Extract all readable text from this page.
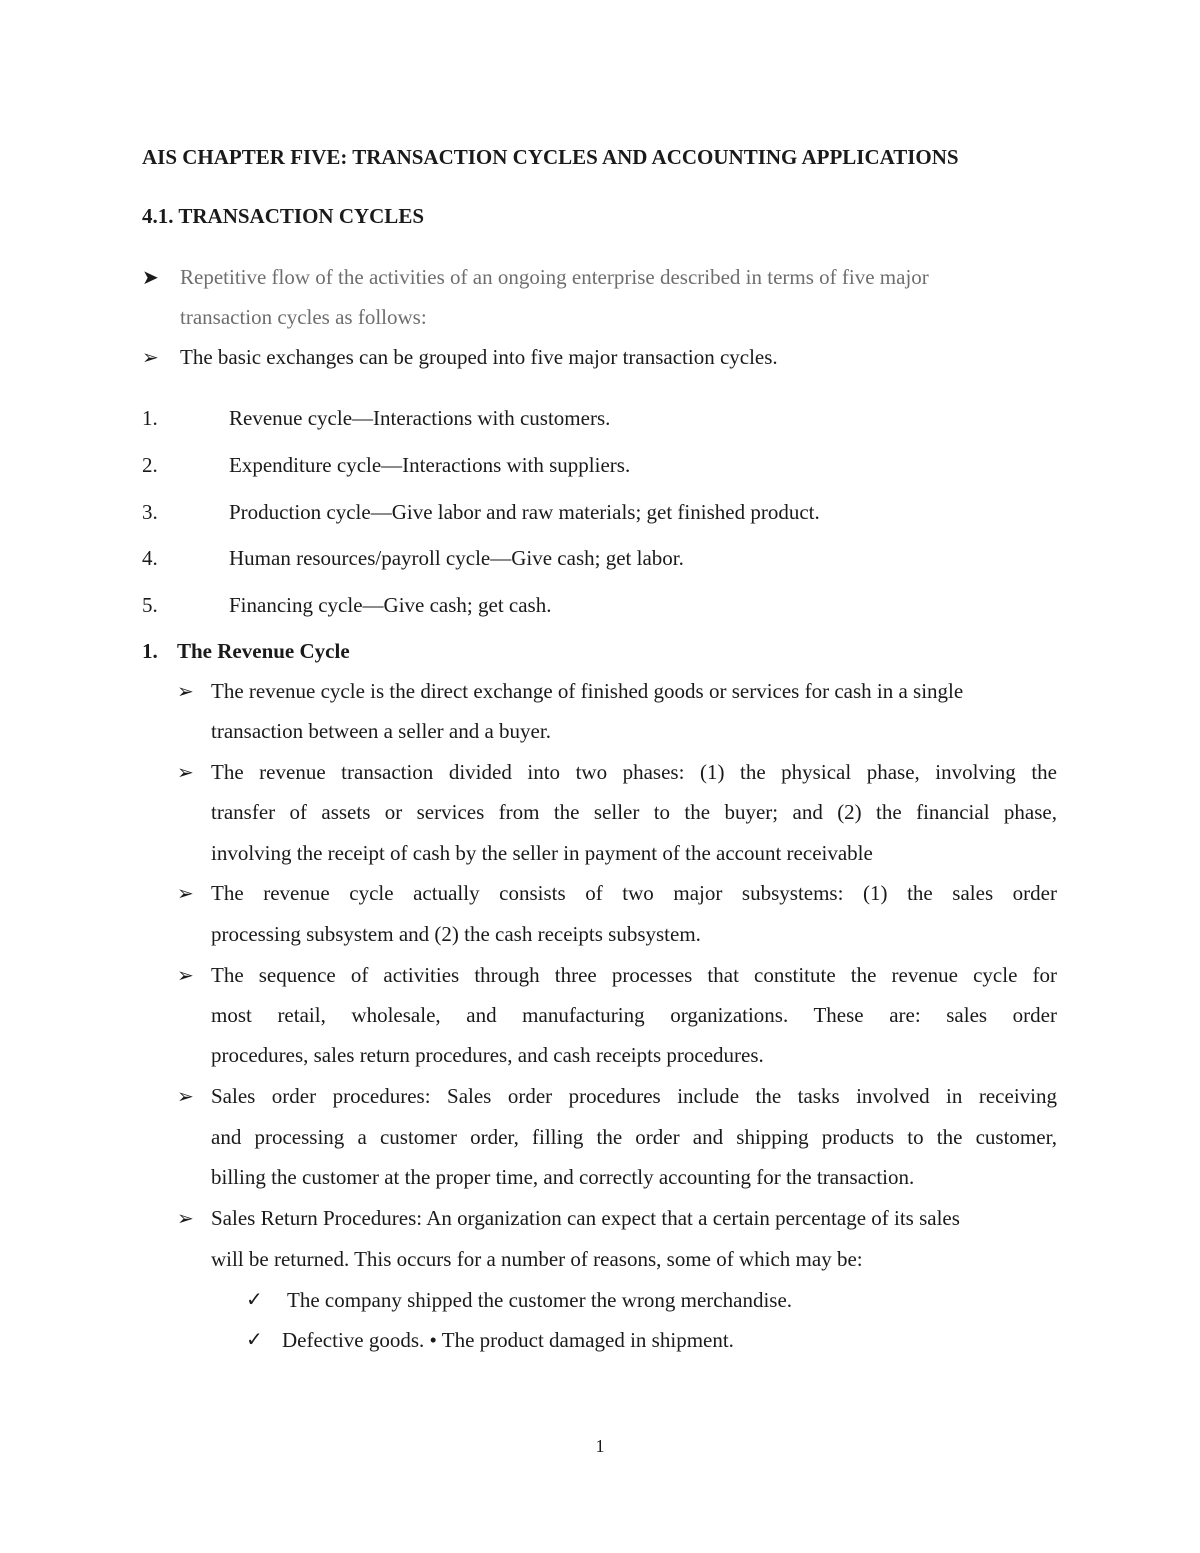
AIS CHAPTER FIVE: TRANSACTION CYCLES AND ACCOUNTING APPLICATIONS
4.1. TRANSACTION CYCLES
➤ Repetitive flow of the activities of an ongoing enterprise described in terms of five major
transaction cycles as follows:
➢ The basic exchanges can be grouped into five major transaction cycles.
1.	Revenue cycle—Interactions with customers.
2.	Expenditure cycle—Interactions with suppliers.
3.	Production cycle—Give labor and raw materials; get finished product.
4.	Human resources/payroll cycle—Give cash; get labor.
5.	Financing cycle—Give cash; get cash.
1. The Revenue Cycle
➢ The revenue cycle is the direct exchange of finished goods or services for cash in a single
transaction between a seller and a buyer.
➢ The revenue transaction divided into two phases: (1) the physical phase, involving the
transfer of assets or services from the seller to the buyer; and (2) the financial phase,
involving the receipt of cash by the seller in payment of the account receivable
➢ The revenue cycle actually consists of two major subsystems: (1) the sales order
processing subsystem and (2) the cash receipts subsystem.
➢ The sequence of activities through three processes that constitute the revenue cycle for
most retail, wholesale, and manufacturing organizations. These are: sales order
procedures, sales return procedures, and cash receipts procedures.
➢ Sales order procedures: Sales order procedures include the tasks involved in receiving
and processing a customer order, filling the order and shipping products to the customer,
billing the customer at the proper time, and correctly accounting for the transaction.
➢ Sales Return Procedures: An organization can expect that a certain percentage of its sales
will be returned. This occurs for a number of reasons, some of which may be:
✓ The company shipped the customer the wrong merchandise.
✓ Defective goods. • The product damaged in shipment.
1
